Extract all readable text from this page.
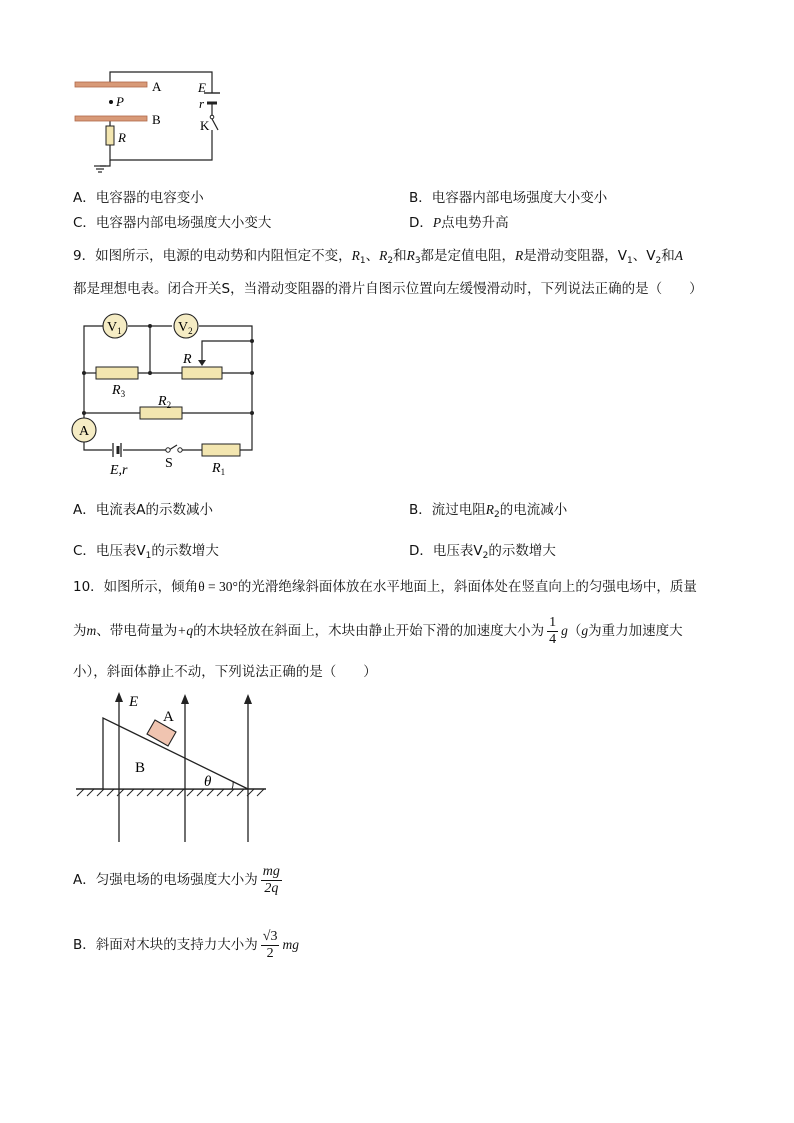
A
B
P
R
E
r
K
A．电容器的电容变小	B．电容器内部电场强度大小变小
C．电容器内部电场强度大小变大	D．P点电势升高
9．如图所示，电源的电动势和内阻恒定不变，$R_1$、$R_2$和$R_3$都是定值电阻，R是滑动变阻器，$V_1$、$V_2$和A
都是理想电表。闭合开关S，当滑动变阻器的滑片自图示位置向左缓慢滑动时，下列说法正确的是（　　）
$V_1$	$V_2$
A
R
$R_3$ $R_2$
E,r	S	$R_1$
A．电流表A的示数减小	B．流过电阻$R_2$的电流减小
C．电压表$V_1$的示数增大	D．电压表$V_2$的示数增大
10．如图所示，倾角θ = 30°的光滑绝缘斜面体放在水平地面上，斜面体处在竖直向上的匀强电场中，质量
为m、带电荷量为+q的木块轻放在斜面上，木块由静止开始下滑的加速度大小为 $\frac{1}{4} g(g$为重力加速度大
小），斜面体静止不动，下列说法正确的是（　　）
E
A
B
θ
A．匀强电场的电场强度大小为 $\frac{mg}{2q}$
B．斜面对木块的支持力大小为 $\frac{√3}{2}$ mg
